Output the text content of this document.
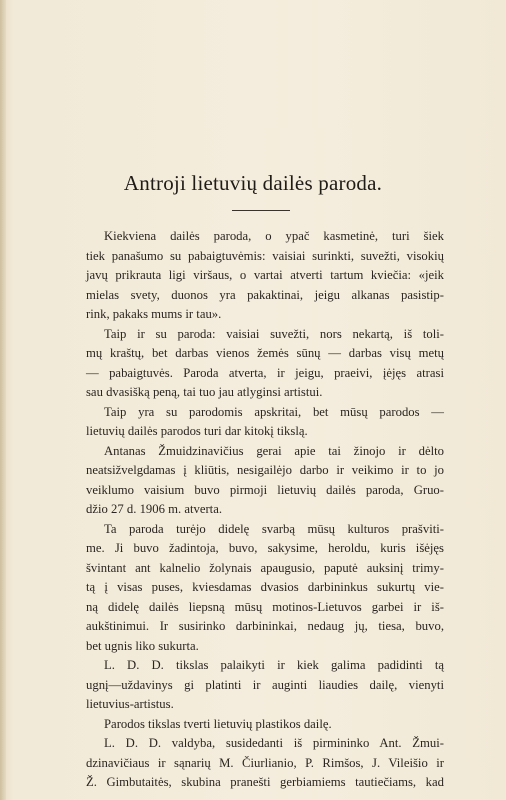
Antroji lietuvių dailės paroda.
Kiekviena dailės paroda, o ypač kasmetinė, turi šiek
tiek panašumo su pabaigtuvėmis: vaisiai surinkti, suvežti, visokių
javų prikrauta ligi viršaus, o vartai atverti tartum kviečia: «jeik
mielas svety, duonos yra pakaktinai, jeigu alkanas pasistip-
rink, pakaks mums ir tau».
Taip ir su paroda: vaisiai suvežti, nors nekartą, iš toli-
mų kraštų, bet darbas vienos žemės sūnų — darbas visų metų
— pabaigtuvės. Paroda atverta, ir jeigu, praeivi, įėjęs atrasi
sau dvasišką peną, tai tuo jau atlyginsi artistui.
Taip yra su parodomis apskritai, bet mūsų parodos —
lietuvių dailės parodos turi dar kitokį tikslą.
Antanas Žmuidzinavičius gerai apie tai žinojo ir dėlto
neatsižvelgdamas į kliūtis, nesigailėjo darbo ir veikimo ir to jo
veiklumo vaisium buvo pirmoji lietuvių dailės paroda, Gruo-
džio 27 d. 1906 m. atverta.
Ta paroda turėjo didelę svarbą mūsų kulturos prašviti-
me. Ji buvo žadintoja, buvo, sakysime, heroldu, kuris išėjęs
švintant ant kalnelio žolynais apaugusio, paputė auksinį trimy-
tą į visas puses, kviesdamas dvasios darbininkus sukurtų vie-
ną didelę dailės liepsną mūsų motinos-Lietuvos garbei ir iš-
aukštinimui. Ir susirinko darbininkai, nedaug jų, tiesa, buvo,
bet ugnis liko sukurta.
L. D. D. tikslas palaikyti ir kiek galima padidinti tą
ugnį—uždavinys gi platinti ir auginti liaudies dailę, vienyti
lietuvius-artistus.
Parodos tikslas tverti lietuvių plastikos dailę.
L. D. D. valdyba, susidedanti iš pirmininko Ant. Žmui-
dzinavičiaus ir sąnarių M. Čiurlianio, P. Rimšos, J. Vileišio ir
Ž. Gimbutaitės, skubina pranešti gerbiamiems tautiečiams, kad
